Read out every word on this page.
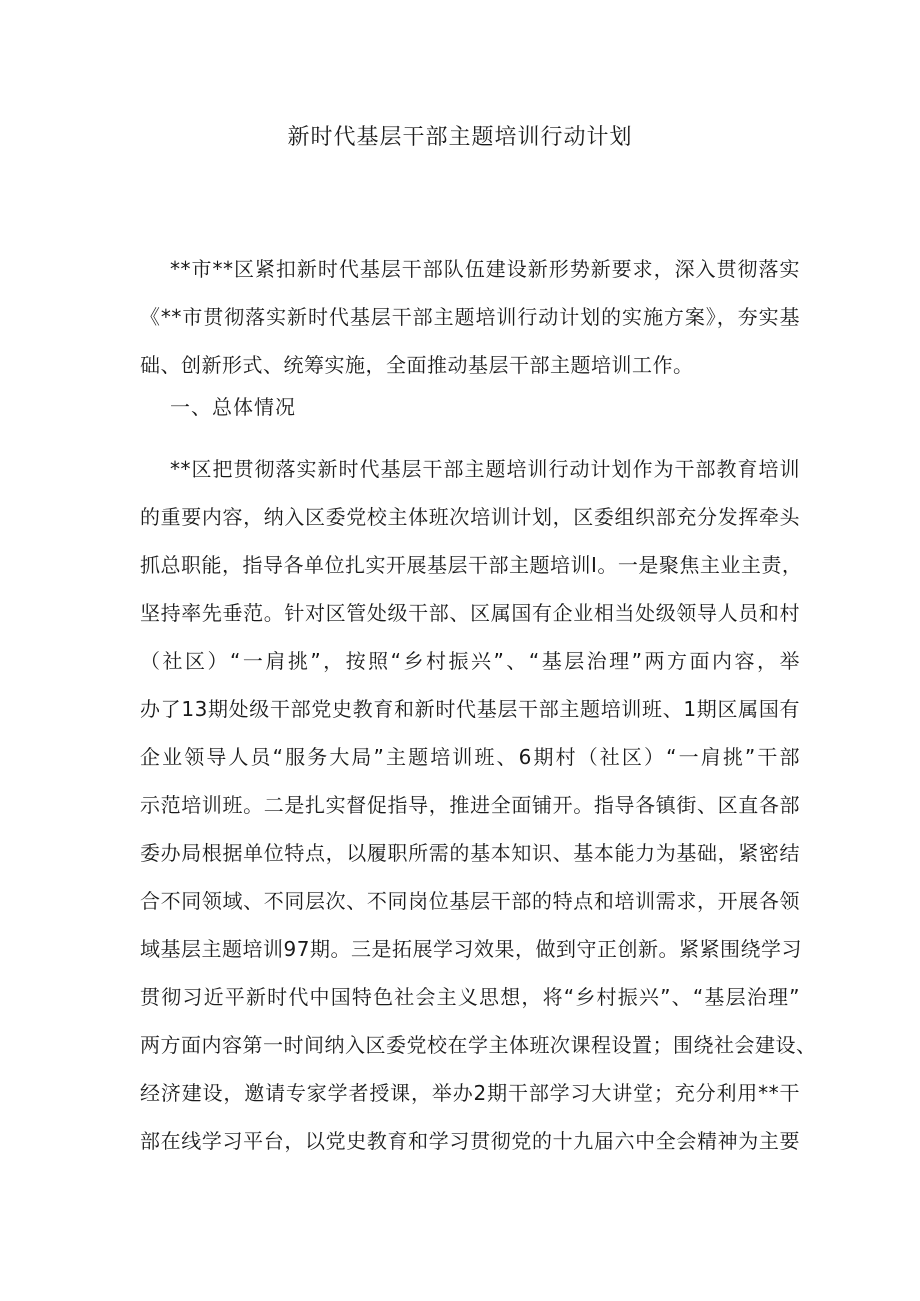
新时代基层干部主题培训行动计划
**市**区紧扣新时代基层干部队伍建设新形势新要求，深入贯彻落实
《**市贯彻落实新时代基层干部主题培训行动计划的实施方案》，夯实基
础、创新形式、统筹实施，全面推动基层干部主题培训工作。
一、总体情况
**区把贯彻落实新时代基层干部主题培训行动计划作为干部教育培训
的重要内容，纳入区委党校主体班次培训计划，区委组织部充分发挥牵头
抓总职能，指导各单位扎实开展基层干部主题培训I。一是聚焦主业主责，
坚持率先垂范。针对区管处级干部、区属国有企业相当处级领导人员和村
（社区）“一肩挑”，按照“乡村振兴”、“基层治理”两方面内容，举
办了13期处级干部党史教育和新时代基层干部主题培训班、1期区属国有
企业领导人员“服务大局”主题培训班、6期村（社区）“一肩挑”干部
示范培训班。二是扎实督促指导，推进全面铺开。指导各镇街、区直各部
委办局根据单位特点，以履职所需的基本知识、基本能力为基础，紧密结
合不同领域、不同层次、不同岗位基层干部的特点和培训需求，开展各领
域基层主题培训97期。三是拓展学习效果，做到守正创新。紧紧围绕学习
贯彻习近平新时代中国特色社会主义思想，将“乡村振兴”、“基层治理”
两方面内容第一时间纳入区委党校在学主体班次课程设置；围绕社会建设、
经济建设，邀请专家学者授课，举办2期干部学习大讲堂；充分利用**干
部在线学习平台，以党史教育和学习贯彻党的十九届六中全会精神为主要
